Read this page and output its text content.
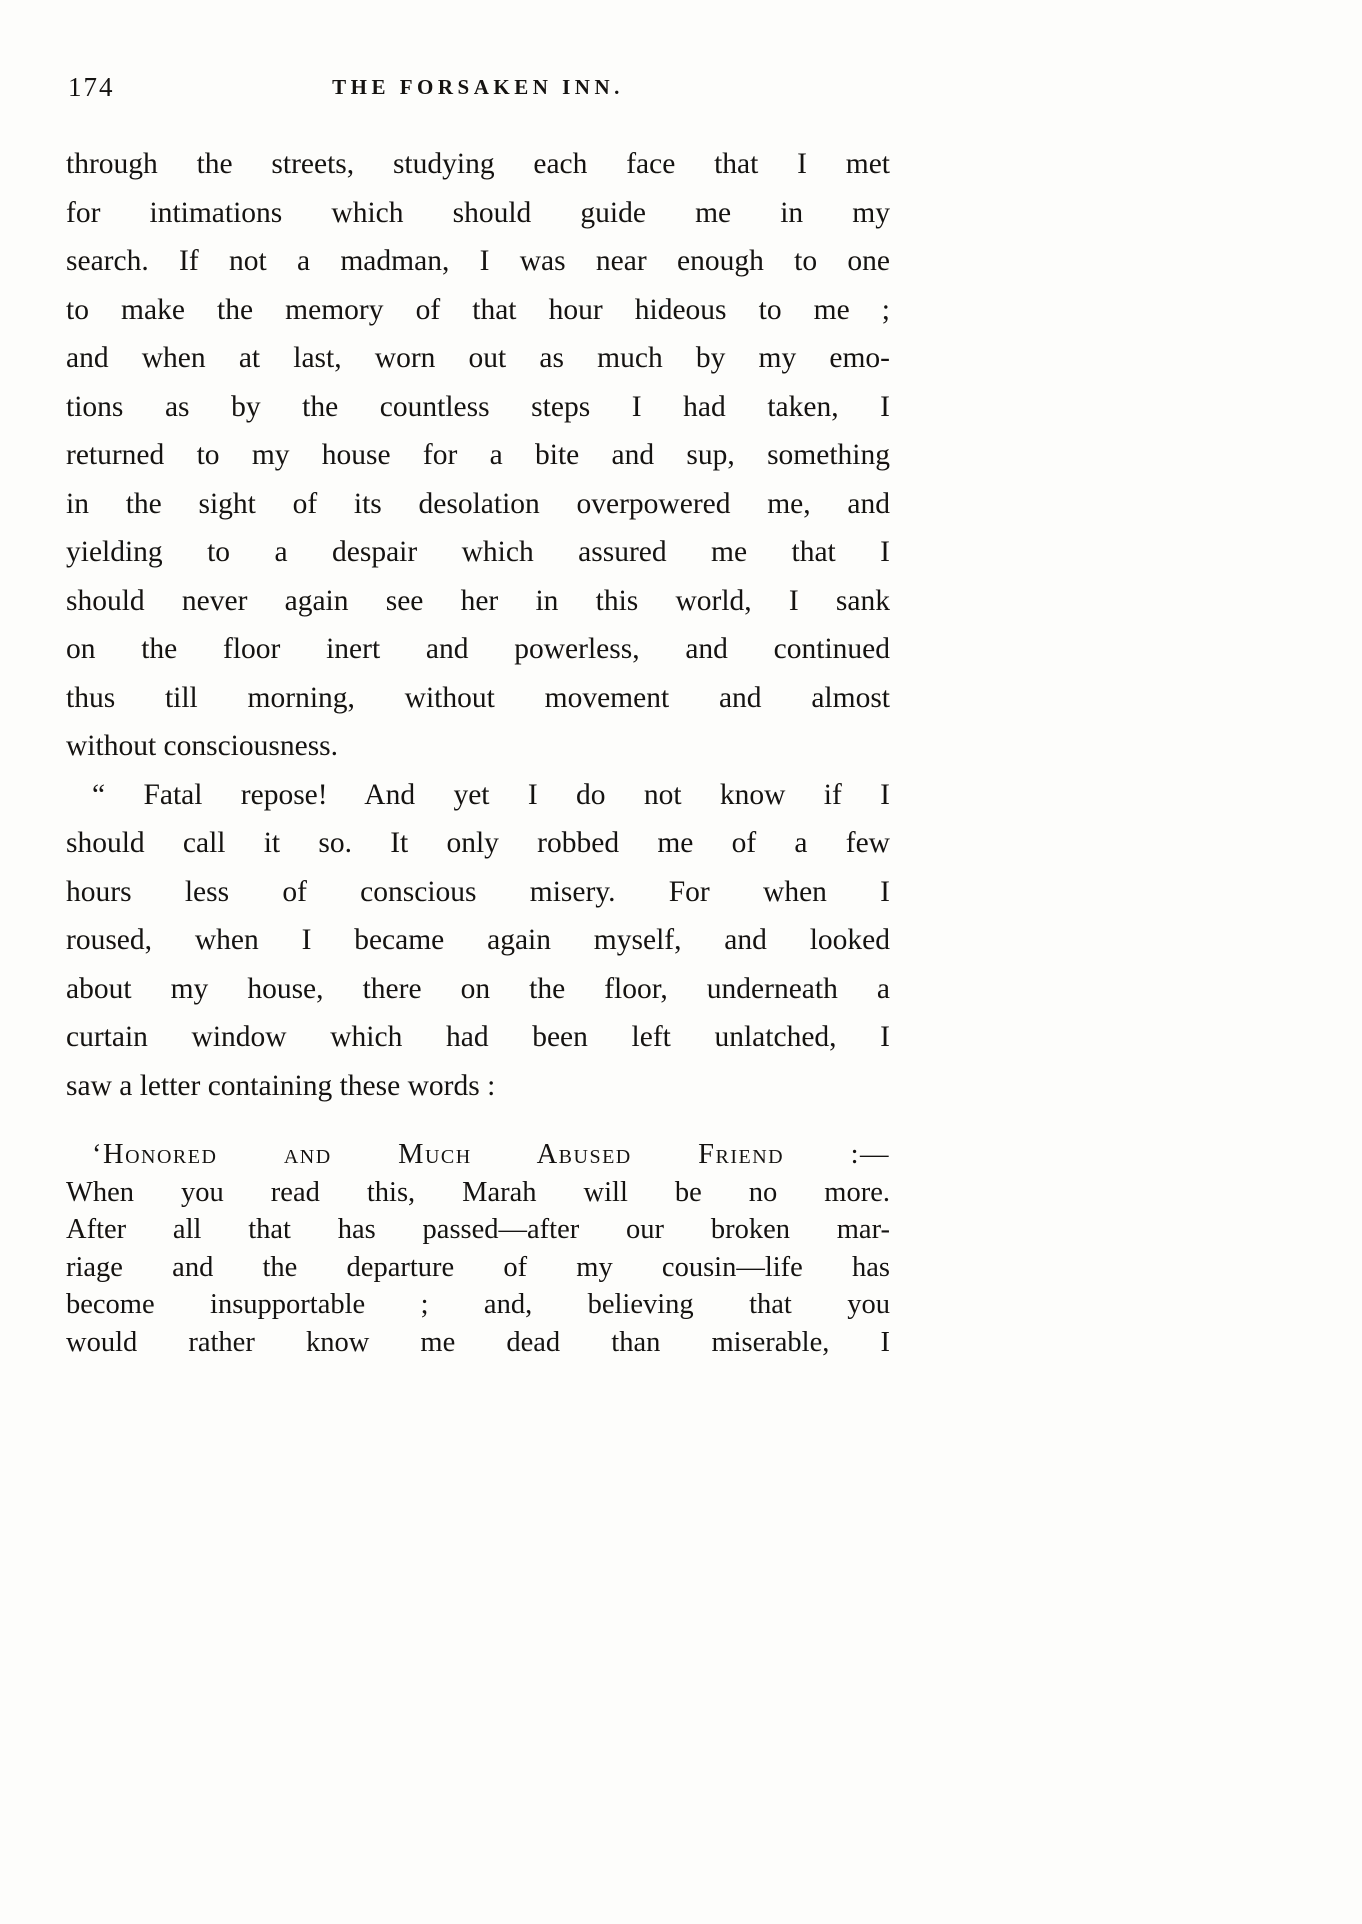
174	THE FORSAKEN INN.
through the streets, studying each face that I met
for intimations which should guide me in my
search. If not a madman, I was near enough to one
to make the memory of that hour hideous to me ;
and when at last, worn out as much by my emo-
tions as by the countless steps I had taken, I
returned to my house for a bite and sup, something
in the sight of its desolation overpowered me, and
yielding to a despair which assured me that I
should never again see her in this world, I sank
on the floor inert and powerless, and continued
thus till morning, without movement and almost
without consciousness.
“ Fatal repose! And yet I do not know if I
should call it so. It only robbed me of a few
hours less of conscious misery. For when I
roused, when I became again myself, and looked
about my house, there on the floor, underneath a
curtain window which had been left unlatched, I
saw a letter containing these words :
‘Honored and Much Abused Friend :—
When you read this, Marah will be no more.
After all that has passed—after our broken mar-
riage and the departure of my cousin—life has
become insupportable ; and, believing that you
would rather know me dead than miserable, I
